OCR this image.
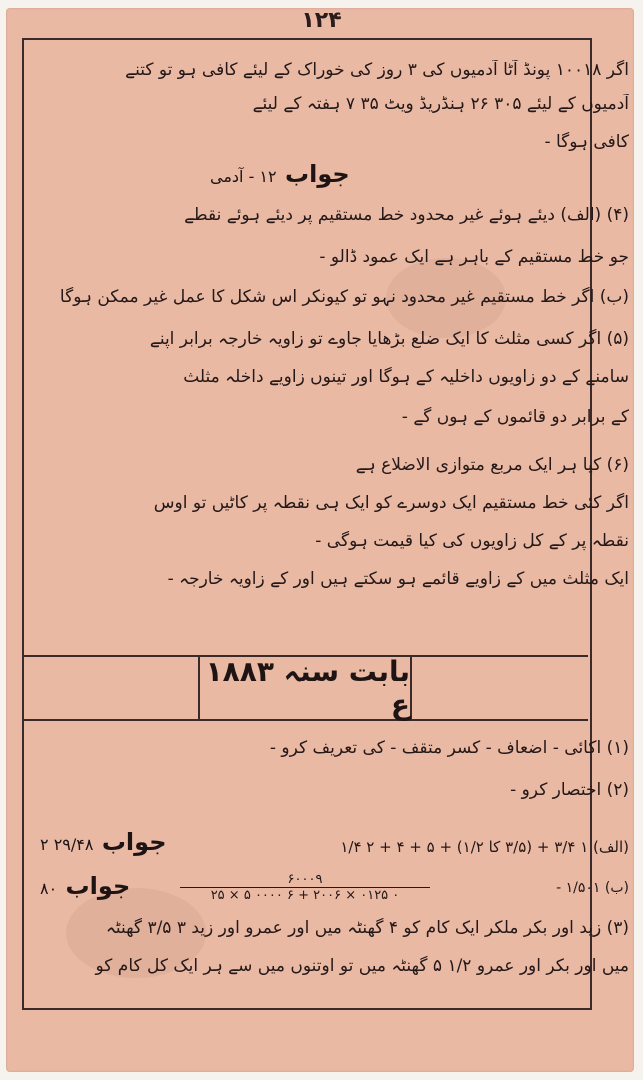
۱۲۴
اگر ۱۰۰۱۸ پونڈ آٹا آدمیوں کی ۳ روز کی خوراک کے لیئے کافی ہو تو کتنے
آدمیوں کے لیئے ۳۰۵ ۲۶ ہنڈریڈ ویٹ ۳۵ ۷ ہفتہ کے لیئے
کافی ہوگا -
جواب ۱۲ - آدمی
(۴) (الف) دیئے ہوئے غیر محدود خط مستقیم پر دیئے ہوئے نقطے
جو خط مستقیم کے باہر ہے ایک عمود ڈالو -
(ب) اگر خط مستقیم غیر محدود نہو تو کیونکر اس شکل کا عمل غیر ممکن ہوگا
(۵) اگر کسی مثلث کا ایک ضلع بڑھایا جاوے تو زاویہ خارجہ برابر اپنے
سامنے کے دو زاویوں داخلیہ کے ہوگا اور تینوں زاویے داخلہ مثلث
کے برابر دو قائموں کے ہوں گے -
(۶) کیا ہر ایک مربع متوازی الاضلاع ہے
اگر کئی خط مستقیم ایک دوسرے کو ایک ہی نقطہ پر کاٹیں تو اوس
نقطہ پر کے کل زاویوں کی کیا قیمت ہوگی -
ایک مثلث میں کے زاویے قائمے ہو سکتے ہیں اور کے زاویہ خارجہ -
بابت سنہ ۱۸۸۳ ع
(۱) اکائی - اضعاف - کسر متقف - کی تعریف کرو -
(۲) اختصار کرو -
(الف) ۱ ۳/۴ + (۳/۵ کا ۱/۲) + ۵ + ۴ + ۲ ۱/۴
جواب ۲۹/۴۸ ۲
(ب) ۱/۵۰۱ -
۶۰۰۰۹
۲۵ × ۵ ۰۰۰۰ ۶ + ۲۰۰۶ × ۰۱۲۵ ۰
جواب ۸۰
(۳) زید اور بکر ملکر ایک کام کو ۴ گھنٹہ میں اور عمرو اور زید ۳ ۳/۵ گھنٹہ
میں اور بکر اور عمرو ۱/۲ ۵ گھنٹہ میں تو اوتنوں میں سے ہر ایک کل کام کو
